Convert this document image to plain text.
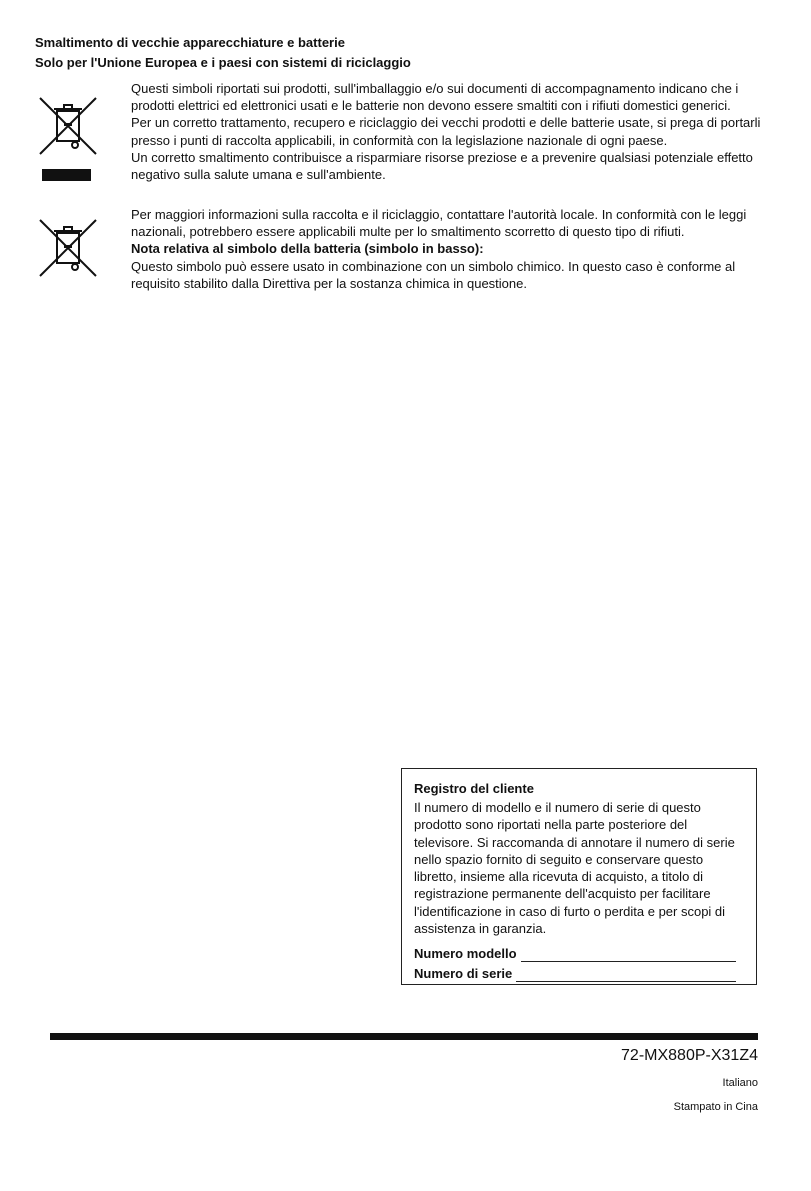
Smaltimento di vecchie apparecchiature e batterie
Solo per l'Unione Europea e i paesi con sistemi di riciclaggio

Questi simboli riportati sui prodotti, sull'imballaggio e/o sui documenti di accompagnamento indicano che i prodotti elettrici ed elettronici usati e le batterie non devono essere smaltiti con i rifiuti domestici generici.

Per un corretto trattamento, recupero e riciclaggio dei vecchi prodotti e delle batterie usate, si prega di portarli presso i punti di raccolta applicabili, in conformità con la legislazione nazionale di ogni paese.

Un corretto smaltimento contribuisce a risparmiare risorse preziose e a prevenire qualsiasi potenziale effetto negativo sulla salute umana e sull'ambiente.

Per maggiori informazioni sulla raccolta e il riciclaggio, contattare l'autorità locale. In conformità con le leggi nazionali, potrebbero essere applicabili multe per lo smaltimento scorretto di questo tipo di rifiuti.

Nota relativa al simbolo della batteria (simbolo in basso):

Questo simbolo può essere usato in combinazione con un simbolo chimico. In questo caso è conforme al requisito stabilito dalla Direttiva per la sostanza chimica in questione.

Registro del cliente

Il numero di modello e il numero di serie di questo prodotto sono riportati nella parte posteriore del televisore. Si raccomanda di annotare il numero di serie nello spazio fornito di seguito e conservare questo libretto, insieme alla ricevuta di acquisto, a titolo di registrazione permanente dell'acquisto per facilitare l'identificazione in caso di furto o perdita e per scopi di assistenza in garanzia.

Numero modello
Numero di serie

72-MX880P-X31Z4

Italiano

Stampato in Cina
